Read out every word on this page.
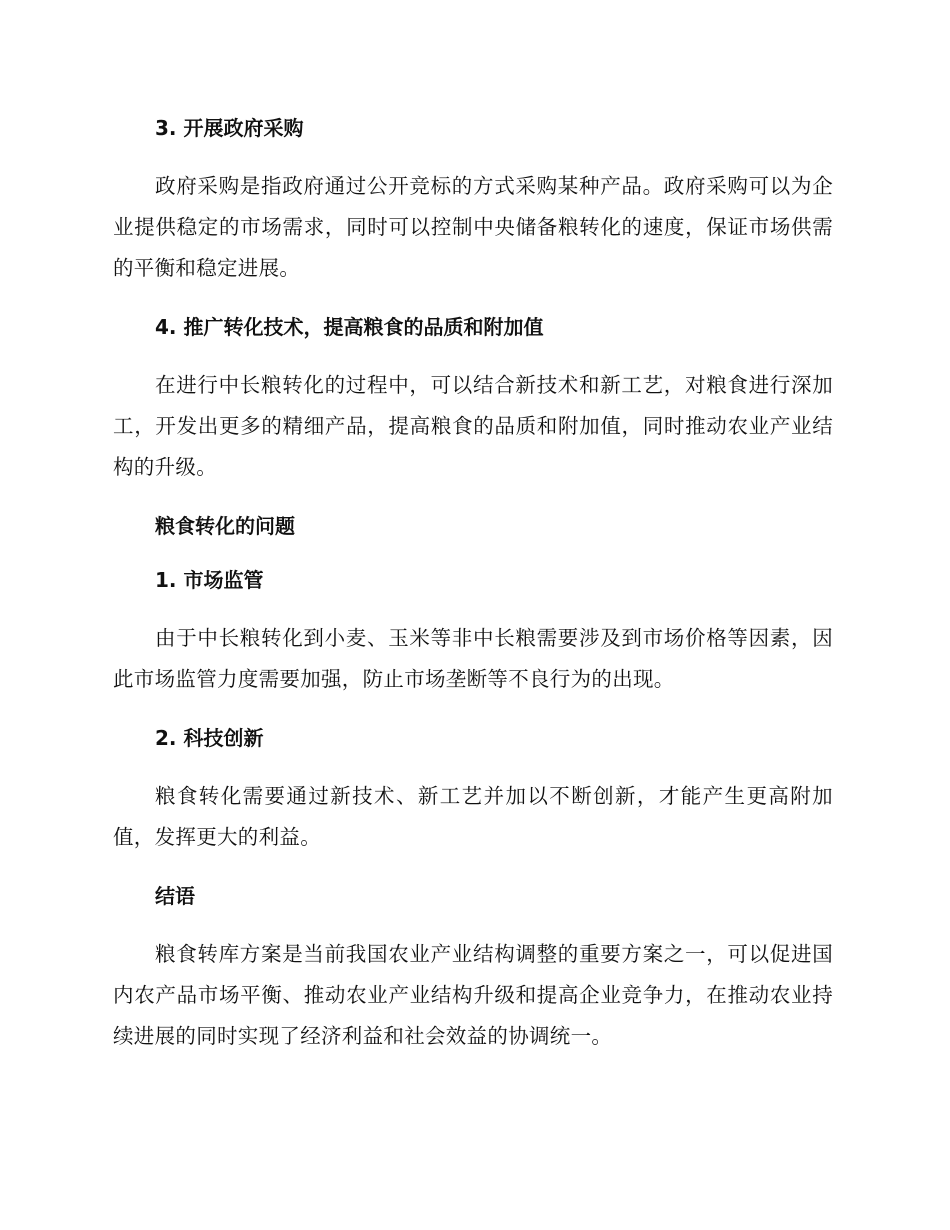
3. 开展政府采购

政府采购是指政府通过公开竞标的方式采购某种产品。政府采购可以为企业提供稳定的市场需求，同时可以控制中央储备粮转化的速度，保证市场供需的平衡和稳定进展。

4. 推广转化技术，提高粮食的品质和附加值

在进行中长粮转化的过程中，可以结合新技术和新工艺，对粮食进行深加工，开发出更多的精细产品，提高粮食的品质和附加值，同时推动农业产业结构的升级。

粮食转化的问题
1. 市场监管

由于中长粮转化到小麦、玉米等非中长粮需要涉及到市场价格等因素，因此市场监管力度需要加强，防止市场垄断等不良行为的出现。

2. 科技创新

粮食转化需要通过新技术、新工艺并加以不断创新，才能产生更高附加值，发挥更大的利益。

结语

粮食转库方案是当前我国农业产业结构调整的重要方案之一，可以促进国内农产品市场平衡、推动农业产业结构升级和提高企业竞争力，在推动农业持续进展的同时实现了经济利益和社会效益的协调统一。
